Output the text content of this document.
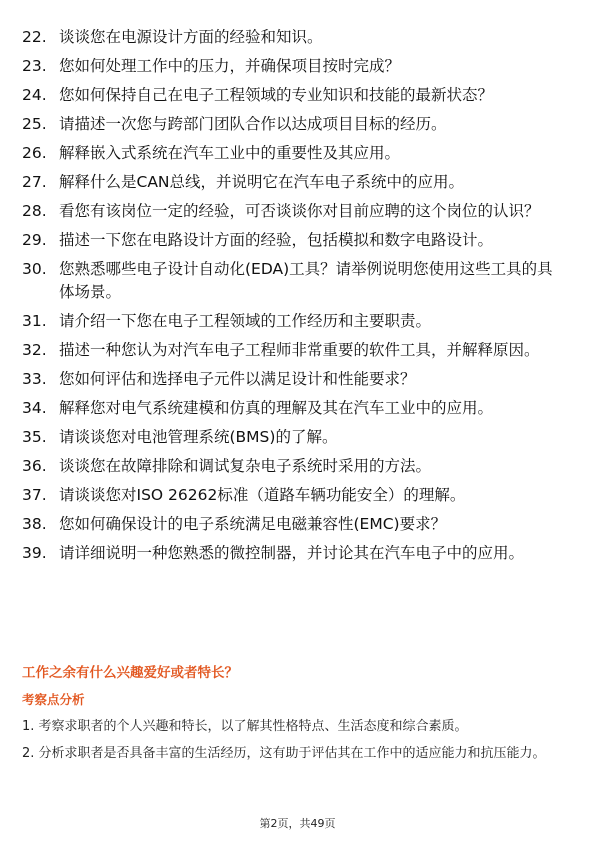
22. 谈谈您在电源设计方面的经验和知识。
23. 您如何处理工作中的压力，并确保项目按时完成？
24. 您如何保持自己在电子工程领域的专业知识和技能的最新状态？
25. 请描述一次您与跨部门团队合作以达成项目目标的经历。
26. 解释嵌入式系统在汽车工业中的重要性及其应用。
27. 解释什么是CAN总线，并说明它在汽车电子系统中的应用。
28. 看您有该岗位一定的经验，可否谈谈你对目前应聘的这个岗位的认识？
29. 描述一下您在电路设计方面的经验，包括模拟和数字电路设计。
30. 您熟悉哪些电子设计自动化(EDA)工具？请举例说明您使用这些工具的具体场景。
31. 请介绍一下您在电子工程领域的工作经历和主要职责。
32. 描述一种您认为对汽车电子工程师非常重要的软件工具，并解释原因。
33. 您如何评估和选择电子元件以满足设计和性能要求？
34. 解释您对电气系统建模和仿真的理解及其在汽车工业中的应用。
35. 请谈谈您对电池管理系统(BMS)的了解。
36. 谈谈您在故障排除和调试复杂电子系统时采用的方法。
37. 请谈谈您对ISO 26262标准（道路车辆功能安全）的理解。
38. 您如何确保设计的电子系统满足电磁兼容性(EMC)要求？
39. 请详细说明一种您熟悉的微控制器，并讨论其在汽车电子中的应用。
工作之余有什么兴趣爱好或者特长？
考察点分析
1. 考察求职者的个人兴趣和特长，以了解其性格特点、生活态度和综合素质。
2. 分析求职者是否具备丰富的生活经历，这有助于评估其在工作中的适应能力和抗压能力。
第2页，共49页
